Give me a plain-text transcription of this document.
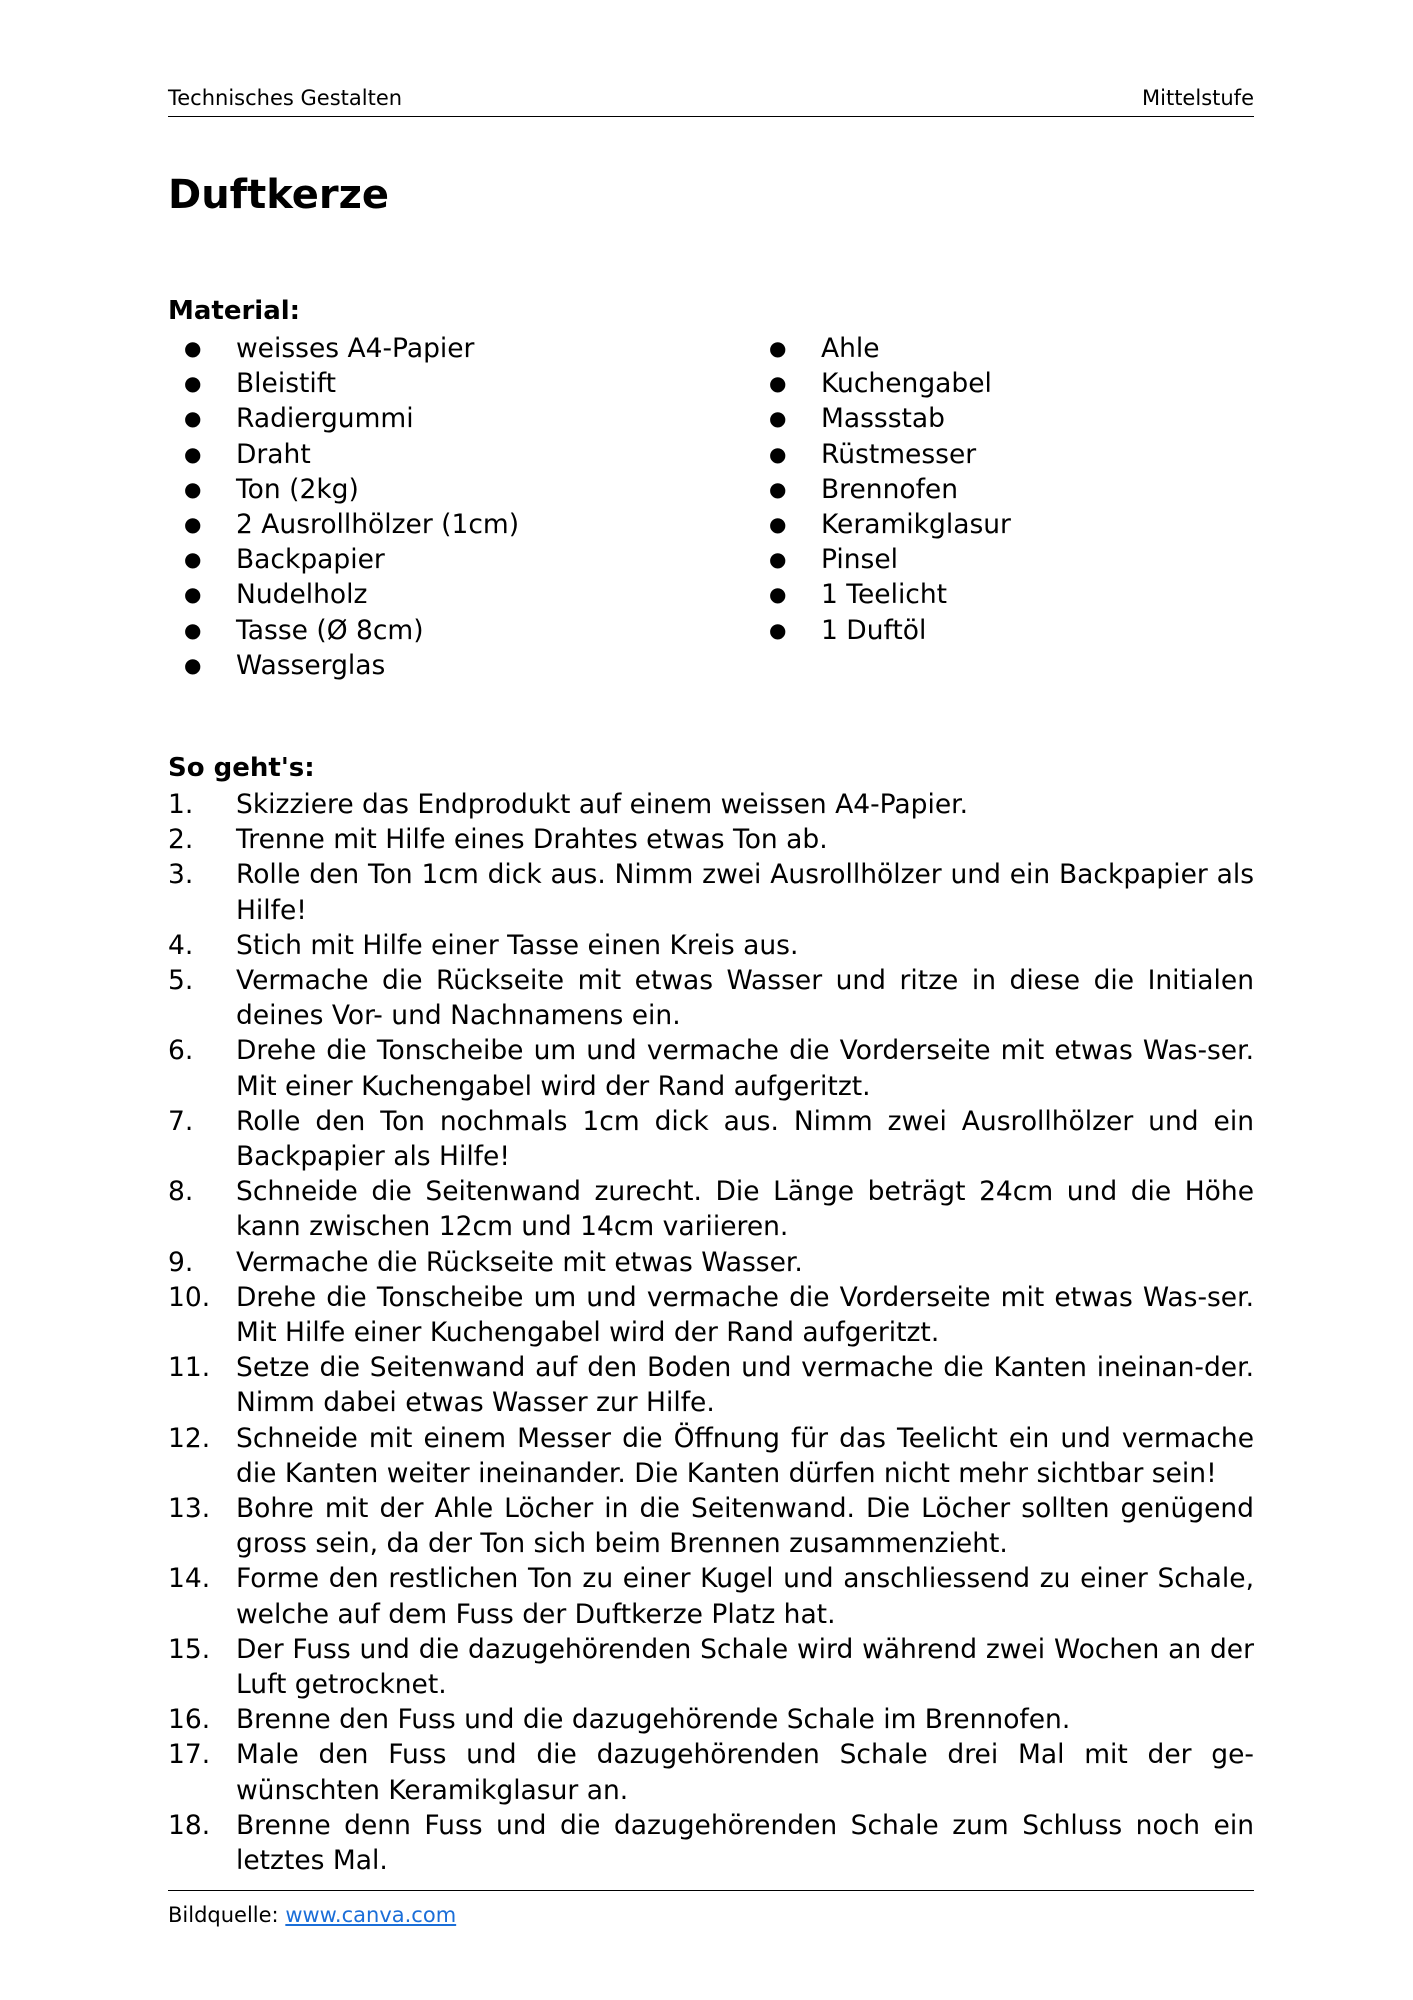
Technisches Gestalten	Mittelstufe
Duftkerze
Material:
● weisses A4-Papier
● Bleistift
● Radiergummi
● Draht
● Ton (2kg)
● 2 Ausrollhölzer (1cm)
● Backpapier
● Nudelholz
● Tasse (Ø 8cm)
● Wasserglas
● Ahle
● Kuchengabel
● Massstab
● Rüstmesser
● Brennofen
● Keramikglasur
● Pinsel
● 1 Teelicht
● 1 Duftöl
So geht's:
1. Skizziere das Endprodukt auf einem weissen A4-Papier.
2. Trenne mit Hilfe eines Drahtes etwas Ton ab.
3. Rolle den Ton 1cm dick aus. Nimm zwei Ausrollhölzer und ein Backpapier als Hilfe!
4. Stich mit Hilfe einer Tasse einen Kreis aus.
5. Vermache die Rückseite mit etwas Wasser und ritze in diese die Initialen deines Vor- und Nachnamens ein.
6. Drehe die Tonscheibe um und vermache die Vorderseite mit etwas Was-ser. Mit einer Kuchengabel wird der Rand aufgeritzt.
7. Rolle den Ton nochmals 1cm dick aus. Nimm zwei Ausrollhölzer und ein Backpapier als Hilfe!
8. Schneide die Seitenwand zurecht. Die Länge beträgt 24cm und die Höhe kann zwischen 12cm und 14cm variieren.
9. Vermache die Rückseite mit etwas Wasser.
10. Drehe die Tonscheibe um und vermache die Vorderseite mit etwas Was-ser. Mit Hilfe einer Kuchengabel wird der Rand aufgeritzt.
11. Setze die Seitenwand auf den Boden und vermache die Kanten ineinan-der. Nimm dabei etwas Wasser zur Hilfe.
12. Schneide mit einem Messer die Öffnung für das Teelicht ein und vermache die Kanten weiter ineinander. Die Kanten dürfen nicht mehr sichtbar sein!
13. Bohre mit der Ahle Löcher in die Seitenwand. Die Löcher sollten genügend gross sein, da der Ton sich beim Brennen zusammenzieht.
14. Forme den restlichen Ton zu einer Kugel und anschliessend zu einer Schale, welche auf dem Fuss der Duftkerze Platz hat.
15. Der Fuss und die dazugehörenden Schale wird während zwei Wochen an der Luft getrocknet.
16. Brenne den Fuss und die dazugehörende Schale im Brennofen.
17. Male den Fuss und die dazugehörenden Schale drei Mal mit der ge-wünschten Keramikglasur an.
18. Brenne denn Fuss und die dazugehörenden Schale zum Schluss noch ein letztes Mal.
Bildquelle: www.canva.com
